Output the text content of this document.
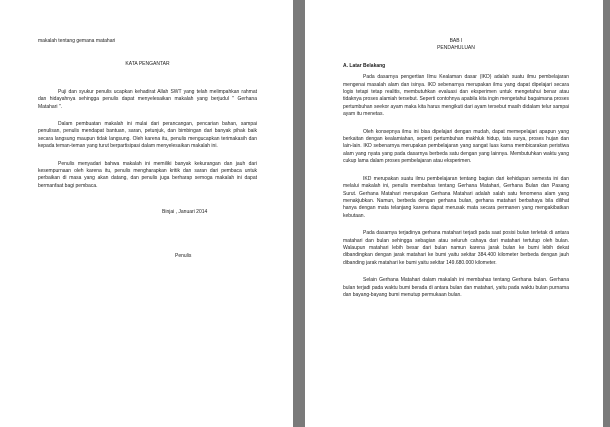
makalah tentang gemana matahari

KATA PENGANTAR

Puji dan syukur penulis ucapkan kehadirat Allah SWT yang telah melimpahkan rahmat dan hidayahnya sehingga penulis dapat menyelesaikan makalah yang berjudul " Gerhana Matahari ".

Dalam pembuatan makalah ini mulai dari perancangan, pencarian bahan, sampai penulisan, penulis mendapat bantuan, saran, petunjuk, dan bimbingan dari banyak pihak baik secara langsung maupun tidak langsung. Oleh karena itu, penulis mengucapkan terimakasih dan kepada teman-teman yang turut berpartisipasi dalam menyelesaikan makalah ini.

Penulis menyadari bahwa makalah ini memiliki banyak kekurangan dan jauh dari kesempurnaan oleh karena itu, penulis mengharapkan kritik dan saran dari pembaca untuk perbaikan di masa yang akan datang, dan penulis juga berharap semoga makalah ini dapat bermanfaat bagi pembaca.

Binjai , Januari 2014
Penulis

BAB I

PENDAHULUAN

A. Latar Belakang

Pada dasarnya pengertian Ilmu Kealaman dasar (IKD) adalah suatu ilmu pembelajaran mengenai masalah alam dan isinya. IKD sebenarnya merupakan ilmu yang dapat dipelajari secara logis tetapi tetap realitis, membutuhkan evaluasi dan eksperimen untuk mengetahui benar atau tidaknya proses alamiah tersebut. Seperti contohnya apabila kita ingin mengetahui bagaimana proses pertumbuhan seekor ayam maka kita harus mengikuti dari ayam tersebut masih didalam telur sampai ayam itu menetas.

Oleh konsepnya ilmu ini bisa dipelajari dengan mudah, dapat memepelajari apapun yang berkaitan dengan kealamiahan, seperti pertumbuhan makhluk hidup, tata surya, proses hujan dan lain-lain. IKD sebenarnya merupakan pembelajaran yang sangat luas karna membicarakan peristiwa alam yang nyata yang pada dasarnya berbeda satu dengan yang lainnya. Membutuhkan waktu yang cukup lama dalam proses pembelajaran atau eksperimen.

IKD merupakan suatu ilmu pembelajaran tentang bagian dari kehidupan semesta ini dan melalui makalah ini, penulis membahas tentang Gerhana Matahari, Gerhana Bulan dan Pasang Surut. Gerhana Matahari merupakan Gerhana Matahari adalah salah satu fenomena alam yang menakjubkan. Namun, berbeda dengan gerhana bulan, gerhana matahari berbahaya bila dilihat hanya dengan mata telanjang karena dapat merusak mata secara permanen yang mengakibatkan kebutaan.

Pada dasarnya terjadinya gerhana matahari terjadi pada saat posisi bulan terletak di antara matahari dan bulan sehingga sebagian atau seluruh cahaya dari matahari tertutup oleh bulan. Walaupun matahari lebih besar dari bulan namun karena jarak bulan ke bumi lebih dekat dibandingkan dengan jarak matahari ke bumi yaitu sekitar 384.400 kilometer berbeda dengan jauh dibanding jarak matahari ke bumi yaitu sekitar 149.680.000 kilometer.

Selain Gerhana Matahari dalam makalah ini membahas tentang Gerhana bulan. Gerhana bulan terjadi pada waktu bumi berada di antara bulan dan matahari, yaitu pada waktu bulan purnama dan bayang-bayang bumi menutup permukaan bulan.
